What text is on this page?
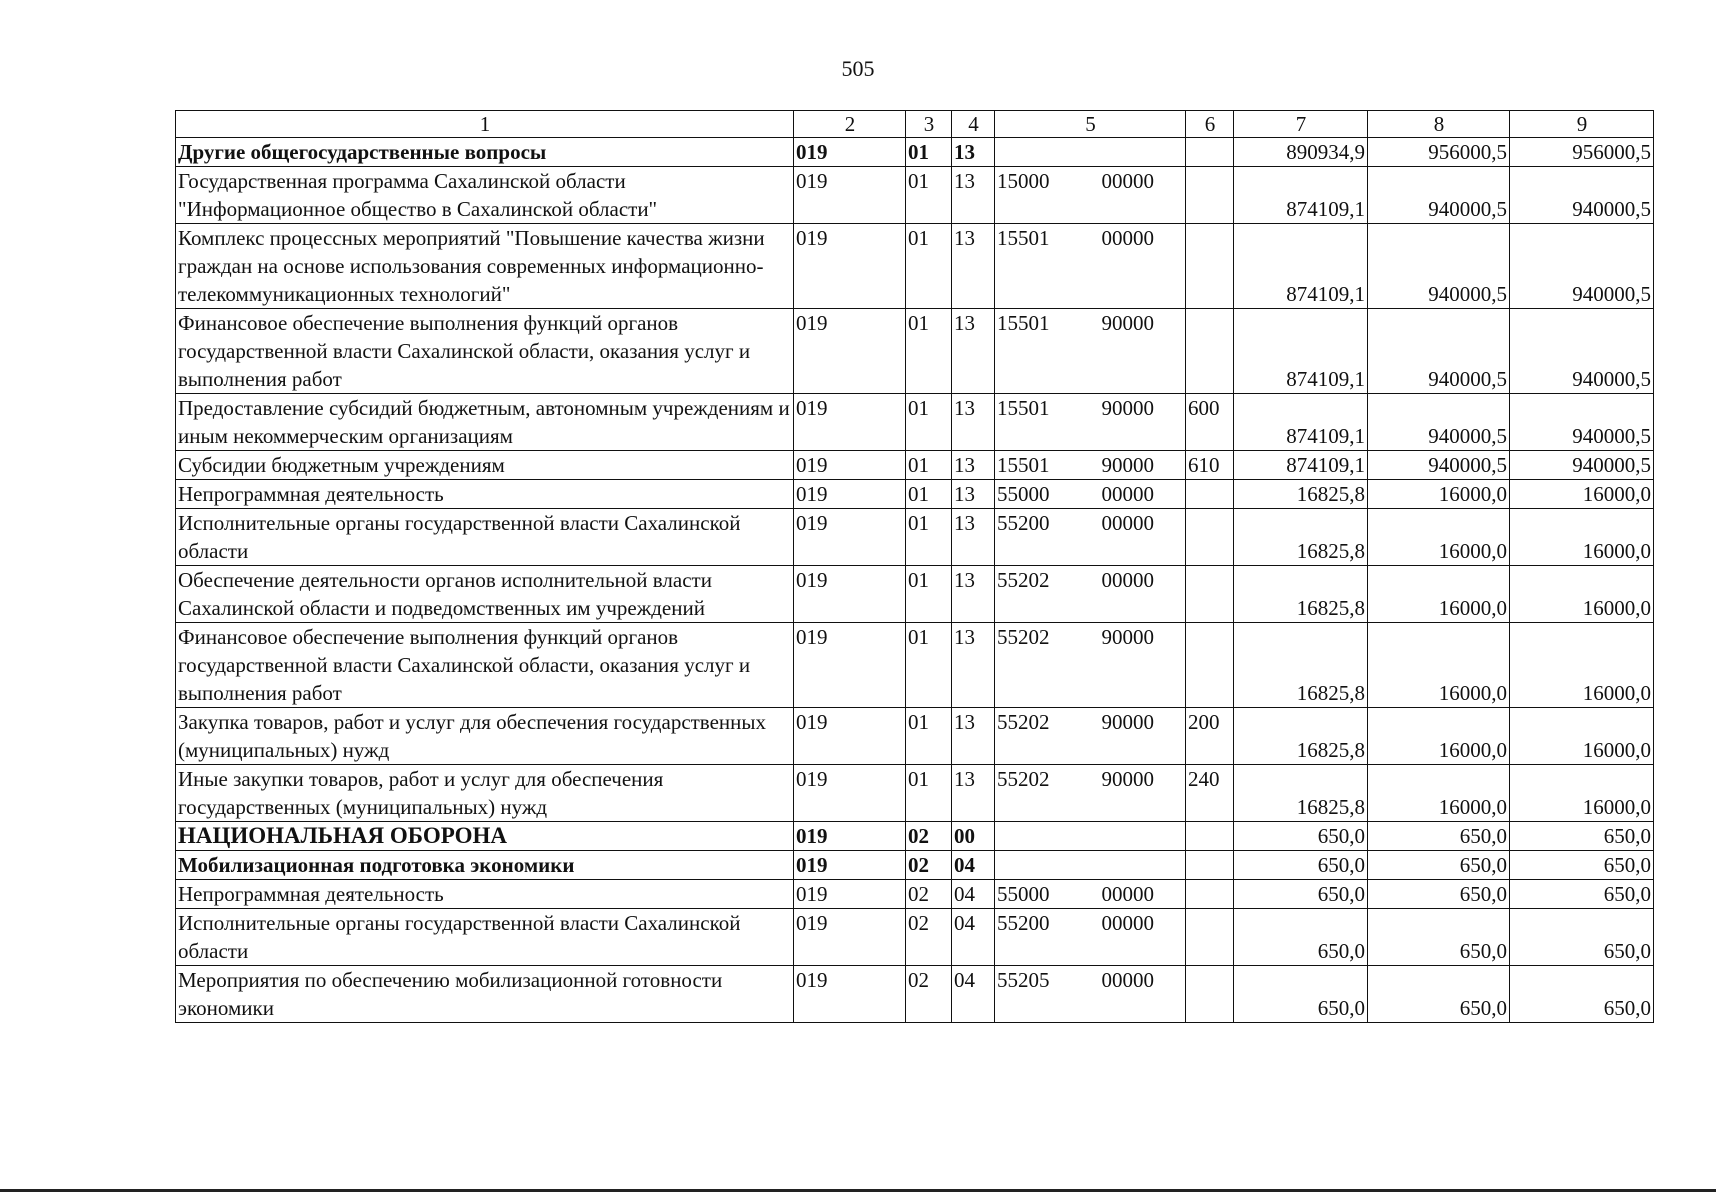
505
1	2	3	4	5	6	7	8	9
Другие общегосударственные вопросы	019	01	13			890934,9	956000,5	956000,5
Государственная программа Сахалинской области "Информационное общество в Сахалинской области"	019	01	13	15000 00000		874109,1	940000,5	940000,5
Комплекс процессных мероприятий "Повышение качества жизни граждан на основе использования современных информационно-телекоммуникационных технологий"	019	01	13	15501 00000		874109,1	940000,5	940000,5
Финансовое обеспечение выполнения функций органов государственной власти Сахалинской области, оказания услуг и выполнения работ	019	01	13	15501 90000		874109,1	940000,5	940000,5
Предоставление субсидий бюджетным, автономным учреждениям и иным некоммерческим организациям	019	01	13	15501 90000	600	874109,1	940000,5	940000,5
Субсидии бюджетным учреждениям	019	01	13	15501 90000	610	874109,1	940000,5	940000,5
Непрограммная деятельность	019	01	13	55000 00000		16825,8	16000,0	16000,0
Исполнительные органы государственной власти Сахалинской области	019	01	13	55200 00000		16825,8	16000,0	16000,0
Обеспечение деятельности органов исполнительной власти Сахалинской области и подведомственных им учреждений	019	01	13	55202 00000		16825,8	16000,0	16000,0
Финансовое обеспечение выполнения функций органов государственной власти Сахалинской области, оказания услуг и выполнения работ	019	01	13	55202 90000		16825,8	16000,0	16000,0
Закупка товаров, работ и услуг для обеспечения государственных (муниципальных) нужд	019	01	13	55202 90000	200	16825,8	16000,0	16000,0
Иные закупки товаров, работ и услуг для обеспечения государственных (муниципальных) нужд	019	01	13	55202 90000	240	16825,8	16000,0	16000,0
НАЦИОНАЛЬНАЯ ОБОРОНА	019	02	00			650,0	650,0	650,0
Мобилизационная подготовка экономики	019	02	04			650,0	650,0	650,0
Непрограммная деятельность	019	02	04	55000 00000		650,0	650,0	650,0
Исполнительные органы государственной власти Сахалинской области	019	02	04	55200 00000		650,0	650,0	650,0
Мероприятия по обеспечению мобилизационной готовности экономики	019	02	04	55205 00000		650,0	650,0	650,0
